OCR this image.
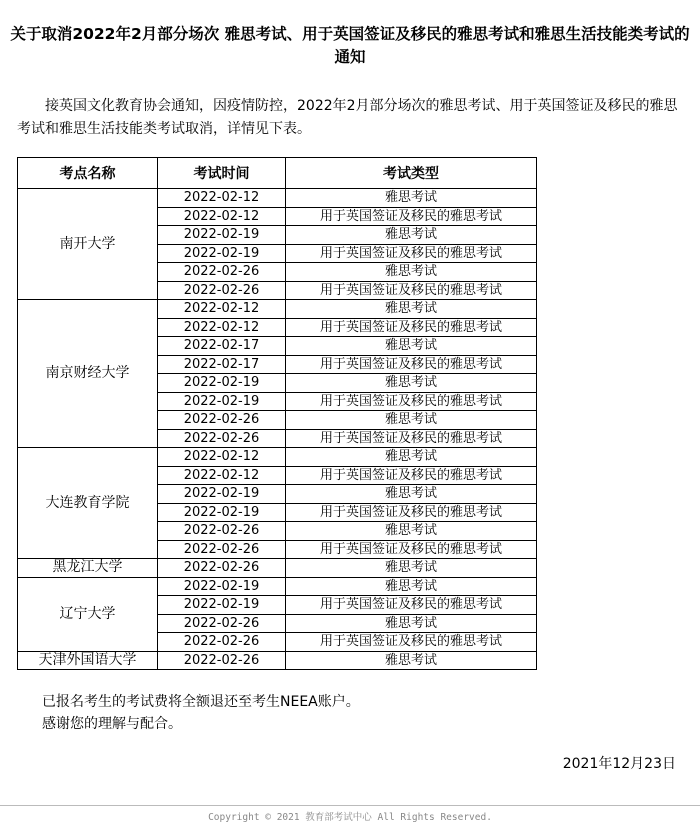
关于取消2022年2月部分场次 雅思考试、用于英国签证及移民的雅思考试和雅思生活技能类考试的通知
接英国文化教育协会通知，因疫情防控，2022年2月部分场次的雅思考试、用于英国签证及移民的雅思考试和雅思生活技能类考试取消，详情见下表。
考点名称	考试时间	考试类型
南开大学	2022-02-12	雅思考试
	2022-02-12	用于英国签证及移民的雅思考试
	2022-02-19	雅思考试
	2022-02-19	用于英国签证及移民的雅思考试
	2022-02-26	雅思考试
	2022-02-26	用于英国签证及移民的雅思考试
南京财经大学	2022-02-12	雅思考试
	2022-02-12	用于英国签证及移民的雅思考试
	2022-02-17	雅思考试
	2022-02-17	用于英国签证及移民的雅思考试
	2022-02-19	雅思考试
	2022-02-19	用于英国签证及移民的雅思考试
	2022-02-26	雅思考试
	2022-02-26	用于英国签证及移民的雅思考试
大连教育学院	2022-02-12	雅思考试
	2022-02-12	用于英国签证及移民的雅思考试
	2022-02-19	雅思考试
	2022-02-19	用于英国签证及移民的雅思考试
	2022-02-26	雅思考试
	2022-02-26	用于英国签证及移民的雅思考试
黑龙江大学	2022-02-26	雅思考试
辽宁大学	2022-02-19	雅思考试
	2022-02-19	用于英国签证及移民的雅思考试
	2022-02-26	雅思考试
	2022-02-26	用于英国签证及移民的雅思考试
天津外国语大学	2022-02-26	雅思考试
已报名考生的考试费将全额退还至考生NEEA账户。
感谢您的理解与配合。
2021年12月23日
Copyright © 2021 教育部考试中心 All Rights Reserved.
